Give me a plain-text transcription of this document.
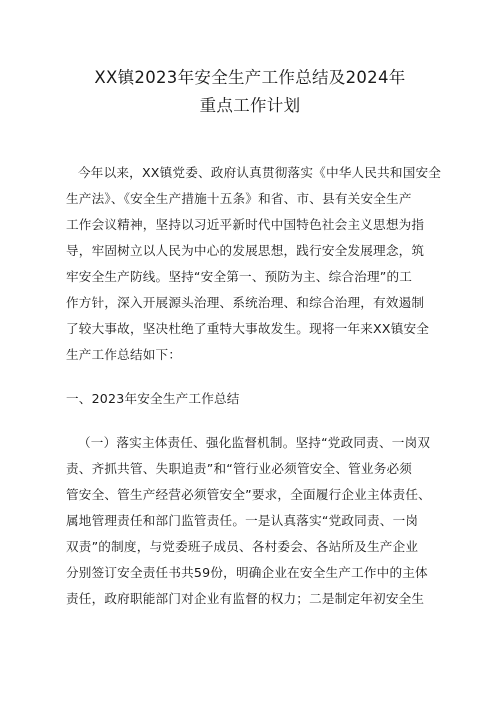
XX镇2023年安全生产工作总结及2024年
重点工作计划
今年以来，XX镇党委、政府认真贯彻落实《中华人民共和国安全
生产法》、《安全生产措施十五条》和省、市、县有关安全生产
工作会议精神，坚持以习近平新时代中国特色社会主义思想为指
导，牢固树立以人民为中心的发展思想，践行安全发展理念，筑
牢安全生产防线。坚持“安全第一、预防为主、综合治理”的工
作方针，深入开展源头治理、系统治理、和综合治理，有效遏制
了较大事故，坚决杜绝了重特大事故发生。现将一年来XX镇安全
生产工作总结如下：
一、2023年安全生产工作总结
（一）落实主体责任、强化监督机制。坚持“党政同责、一岗双
责、齐抓共管、失职追责”和“管行业必须管安全、管业务必须
管安全、管生产经营必须管安全”要求，全面履行企业主体责任、
属地管理责任和部门监管责任。一是认真落实“党政同责、一岗
双责”的制度，与党委班子成员、各村委会、各站所及生产企业
分别签订安全责任书共59份，明确企业在安全生产工作中的主体
责任，政府职能部门对企业有监督的权力；二是制定年初安全生
